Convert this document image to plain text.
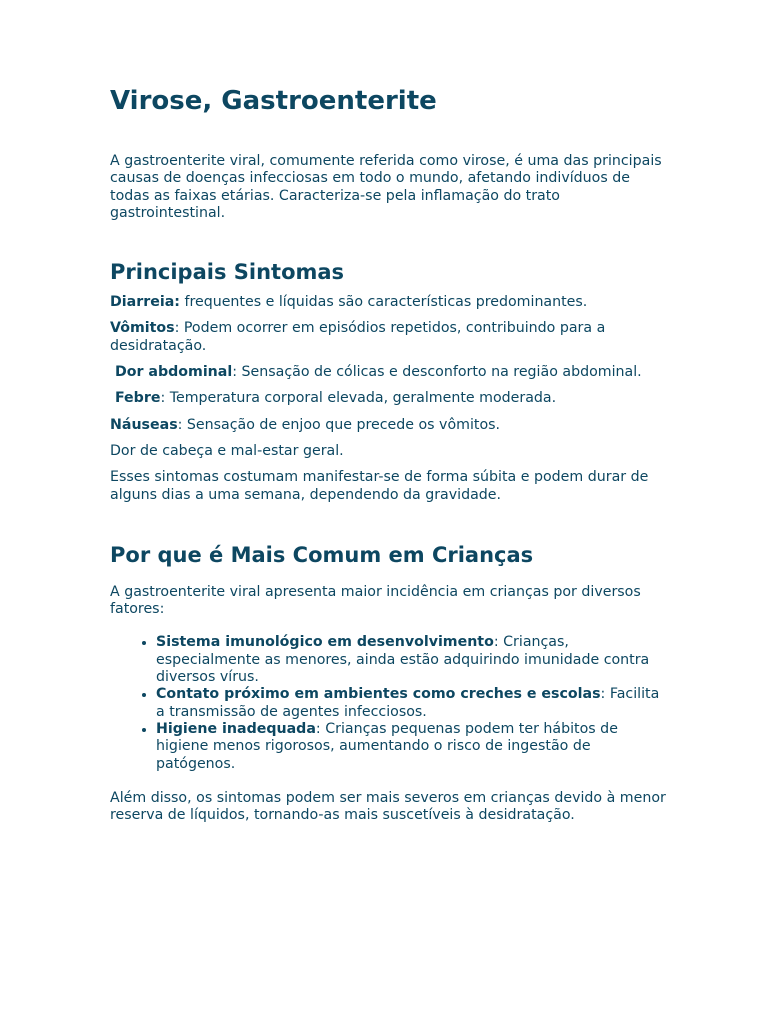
Virose, Gastroenterite

A gastroenterite viral, comumente referida como virose, é uma das principais causas de doenças infecciosas em todo o mundo, afetando indivíduos de todas as faixas etárias. Caracteriza-se pela inflamação do trato gastrointestinal.

Principais Sintomas

Diarreia: frequentes e líquidas são características predominantes.

Vômitos: Podem ocorrer em episódios repetidos, contribuindo para a desidratação.

Dor abdominal: Sensação de cólicas e desconforto na região abdominal.

Febre: Temperatura corporal elevada, geralmente moderada.

Náuseas: Sensação de enjoo que precede os vômitos.

Dor de cabeça e mal-estar geral.

Esses sintomas costumam manifestar-se de forma súbita e podem durar de alguns dias a uma semana, dependendo da gravidade.

Por que é Mais Comum em Crianças

A gastroenterite viral apresenta maior incidência em crianças por diversos fatores:

• Sistema imunológico em desenvolvimento: Crianças, especialmente as menores, ainda estão adquirindo imunidade contra diversos vírus.
• Contato próximo em ambientes como creches e escolas: Facilita a transmissão de agentes infecciosos.
• Higiene inadequada: Crianças pequenas podem ter hábitos de higiene menos rigorosos, aumentando o risco de ingestão de patógenos.

Além disso, os sintomas podem ser mais severos em crianças devido à menor reserva de líquidos, tornando-as mais suscetíveis à desidratação.
